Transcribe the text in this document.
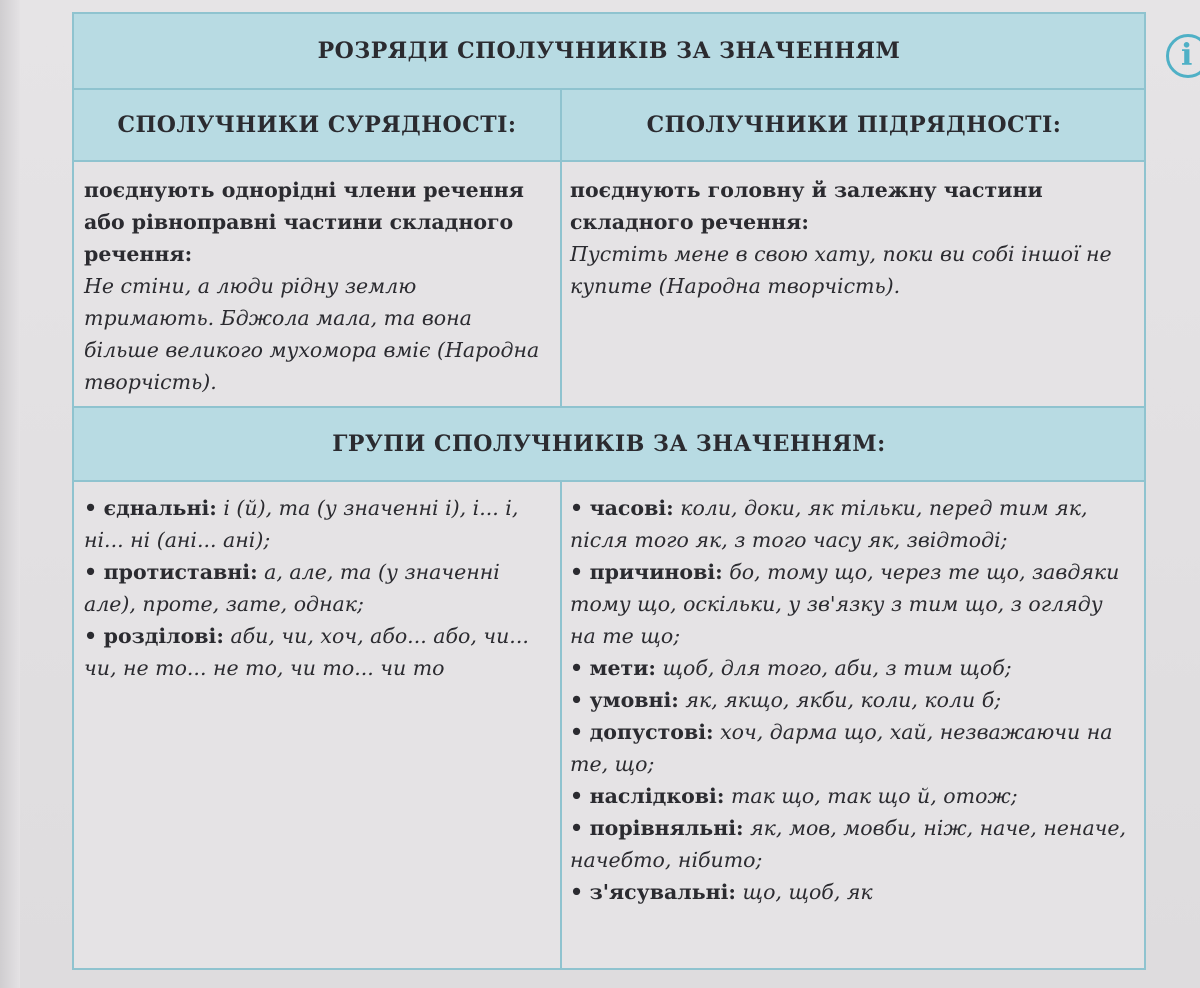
i
РОЗРЯДИ СПОЛУЧНИКІВ ЗА ЗНАЧЕННЯМ
СПОЛУЧНИКИ СУРЯДНОСТІ:	СПОЛУЧНИКИ ПІДРЯДНОСТІ:
поєднують однорідні члени речення або рівноправні частини складного речення:
Не стіни, а люди рідну землю тримають. Бджола мала, та вона більше великого мухомора вміє (Народна творчість).
поєднують головну й залежну частини складного речення:
Пустіть мене в свою хату, поки ви собі іншої не купите (Народна творчість).
ГРУПИ СПОЛУЧНИКІВ ЗА ЗНАЧЕННЯМ:
• єднальні: і (й), та (у значенні і), і... і, ні... ні (ані... ані);
• протиставні: а, але, та (у значенні але), проте, зате, однак;
• розділові: аби, чи, хоч, або... або, чи... чи, не то... не то, чи то... чи то
• часові: коли, доки, як тільки, перед тим як, після того як, з того часу як, звідтоді;
• причинові: бо, тому що, через те що, завдяки тому що, оскільки, у зв'язку з тим що, з огляду на те що;
• мети: щоб, для того, аби, з тим щоб;
• умовні: як, якщо, якби, коли, коли б;
• допустові: хоч, дарма що, хай, незважаючи на те, що;
• наслідкові: так що, так що й, отож;
• порівняльні: як, мов, мовби, ніж, наче, неначе, начебто, нібито;
• з'ясувальні: що, щоб, як
